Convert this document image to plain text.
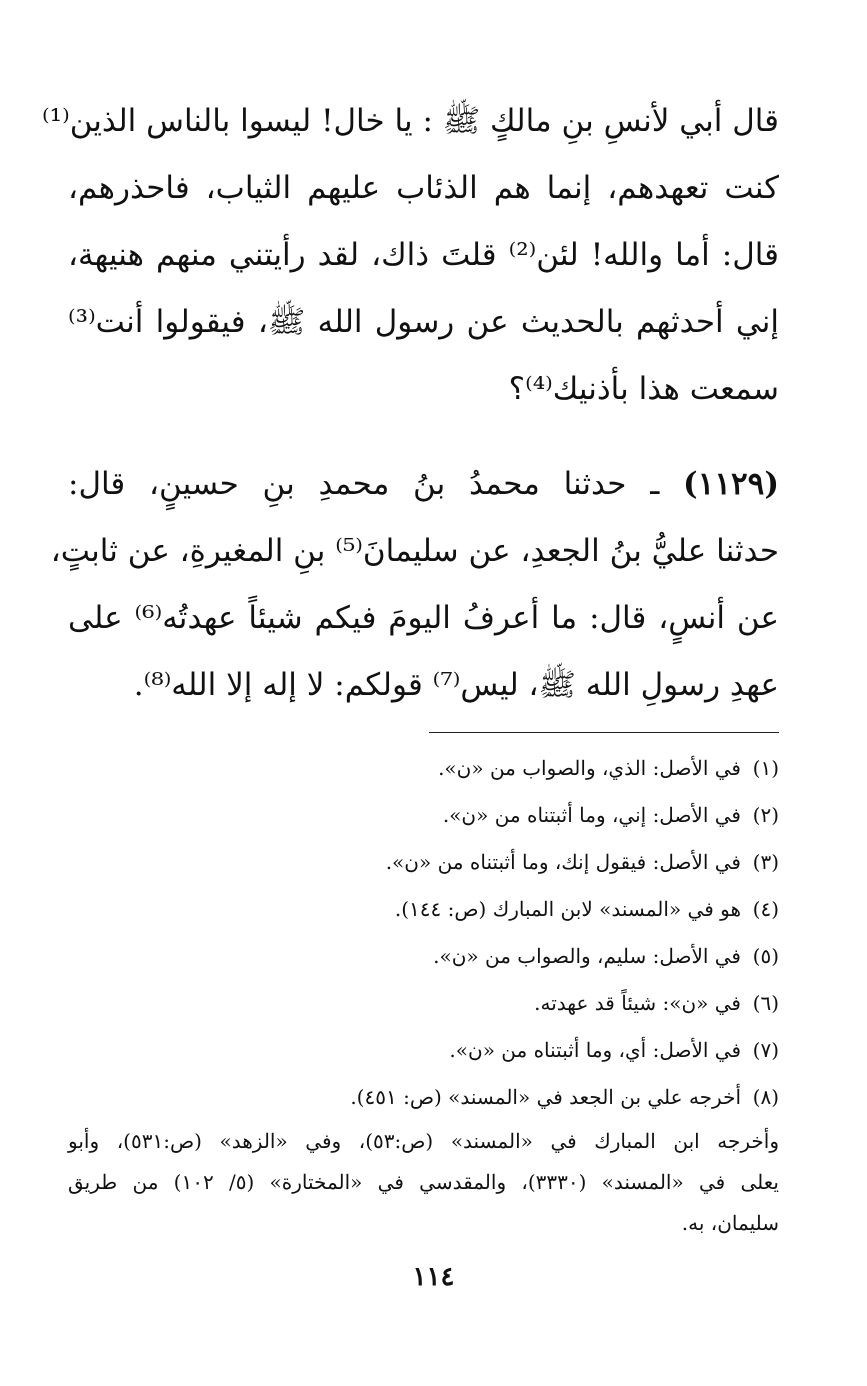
قال أبي لأنسِ بنِ مالكٍ ﷺ : يا خال! ليسوا بالناس الذين⁽¹⁾
كنت تعهدهم، إنما هم الذئاب عليهم الثياب، فاحذرهم،
قال: أما والله! لئن⁽²⁾ قلتَ ذاك، لقد رأيتني منهم هنيهة،
إني أحدثهم بالحديث عن رسول الله ﷺ، فيقولوا أنت⁽³⁾
سمعت هذا بأذنيك⁽⁴⁾؟
(١١٢٩) ـ حدثنا محمدُ بنُ محمدِ بنِ حسينٍ، قال:
حدثنا عليُّ بنُ الجعدِ، عن سليمانَ⁽⁵⁾ بنِ المغيرةِ، عن ثابتٍ،
عن أنسٍ، قال: ما أعرفُ اليومَ فيكم شيئاً عهدتُه⁽⁶⁾ على
عهدِ رسولِ الله ﷺ، ليس⁽⁷⁾ قولكم: لا إله إلا الله⁽⁸⁾.
(١)في الأصل: الذي، والصواب من «ن».
(٢)في الأصل: إني، وما أثبتناه من «ن».
(٣)في الأصل: فيقول إنك، وما أثبتناه من «ن».
(٤)هو في «المسند» لابن المبارك (ص: ١٤٤).
(٥)في الأصل: سليم، والصواب من «ن».
(٦)في «ن»: شيئاً قد عهدته.
(٧)في الأصل: أي، وما أثبتناه من «ن».
(٨)أخرجه علي بن الجعد في «المسند» (ص: ٤٥١).
وأخرجه ابن المبارك في «المسند» (ص:٥٣)، وفي «الزهد» (ص:٥٣١)، وأبو
يعلى في «المسند» (٣٣٣٠)، والمقدسي في «المختارة» (٥/ ١٠٢) من طريق
سليمان، به.
١١٤
